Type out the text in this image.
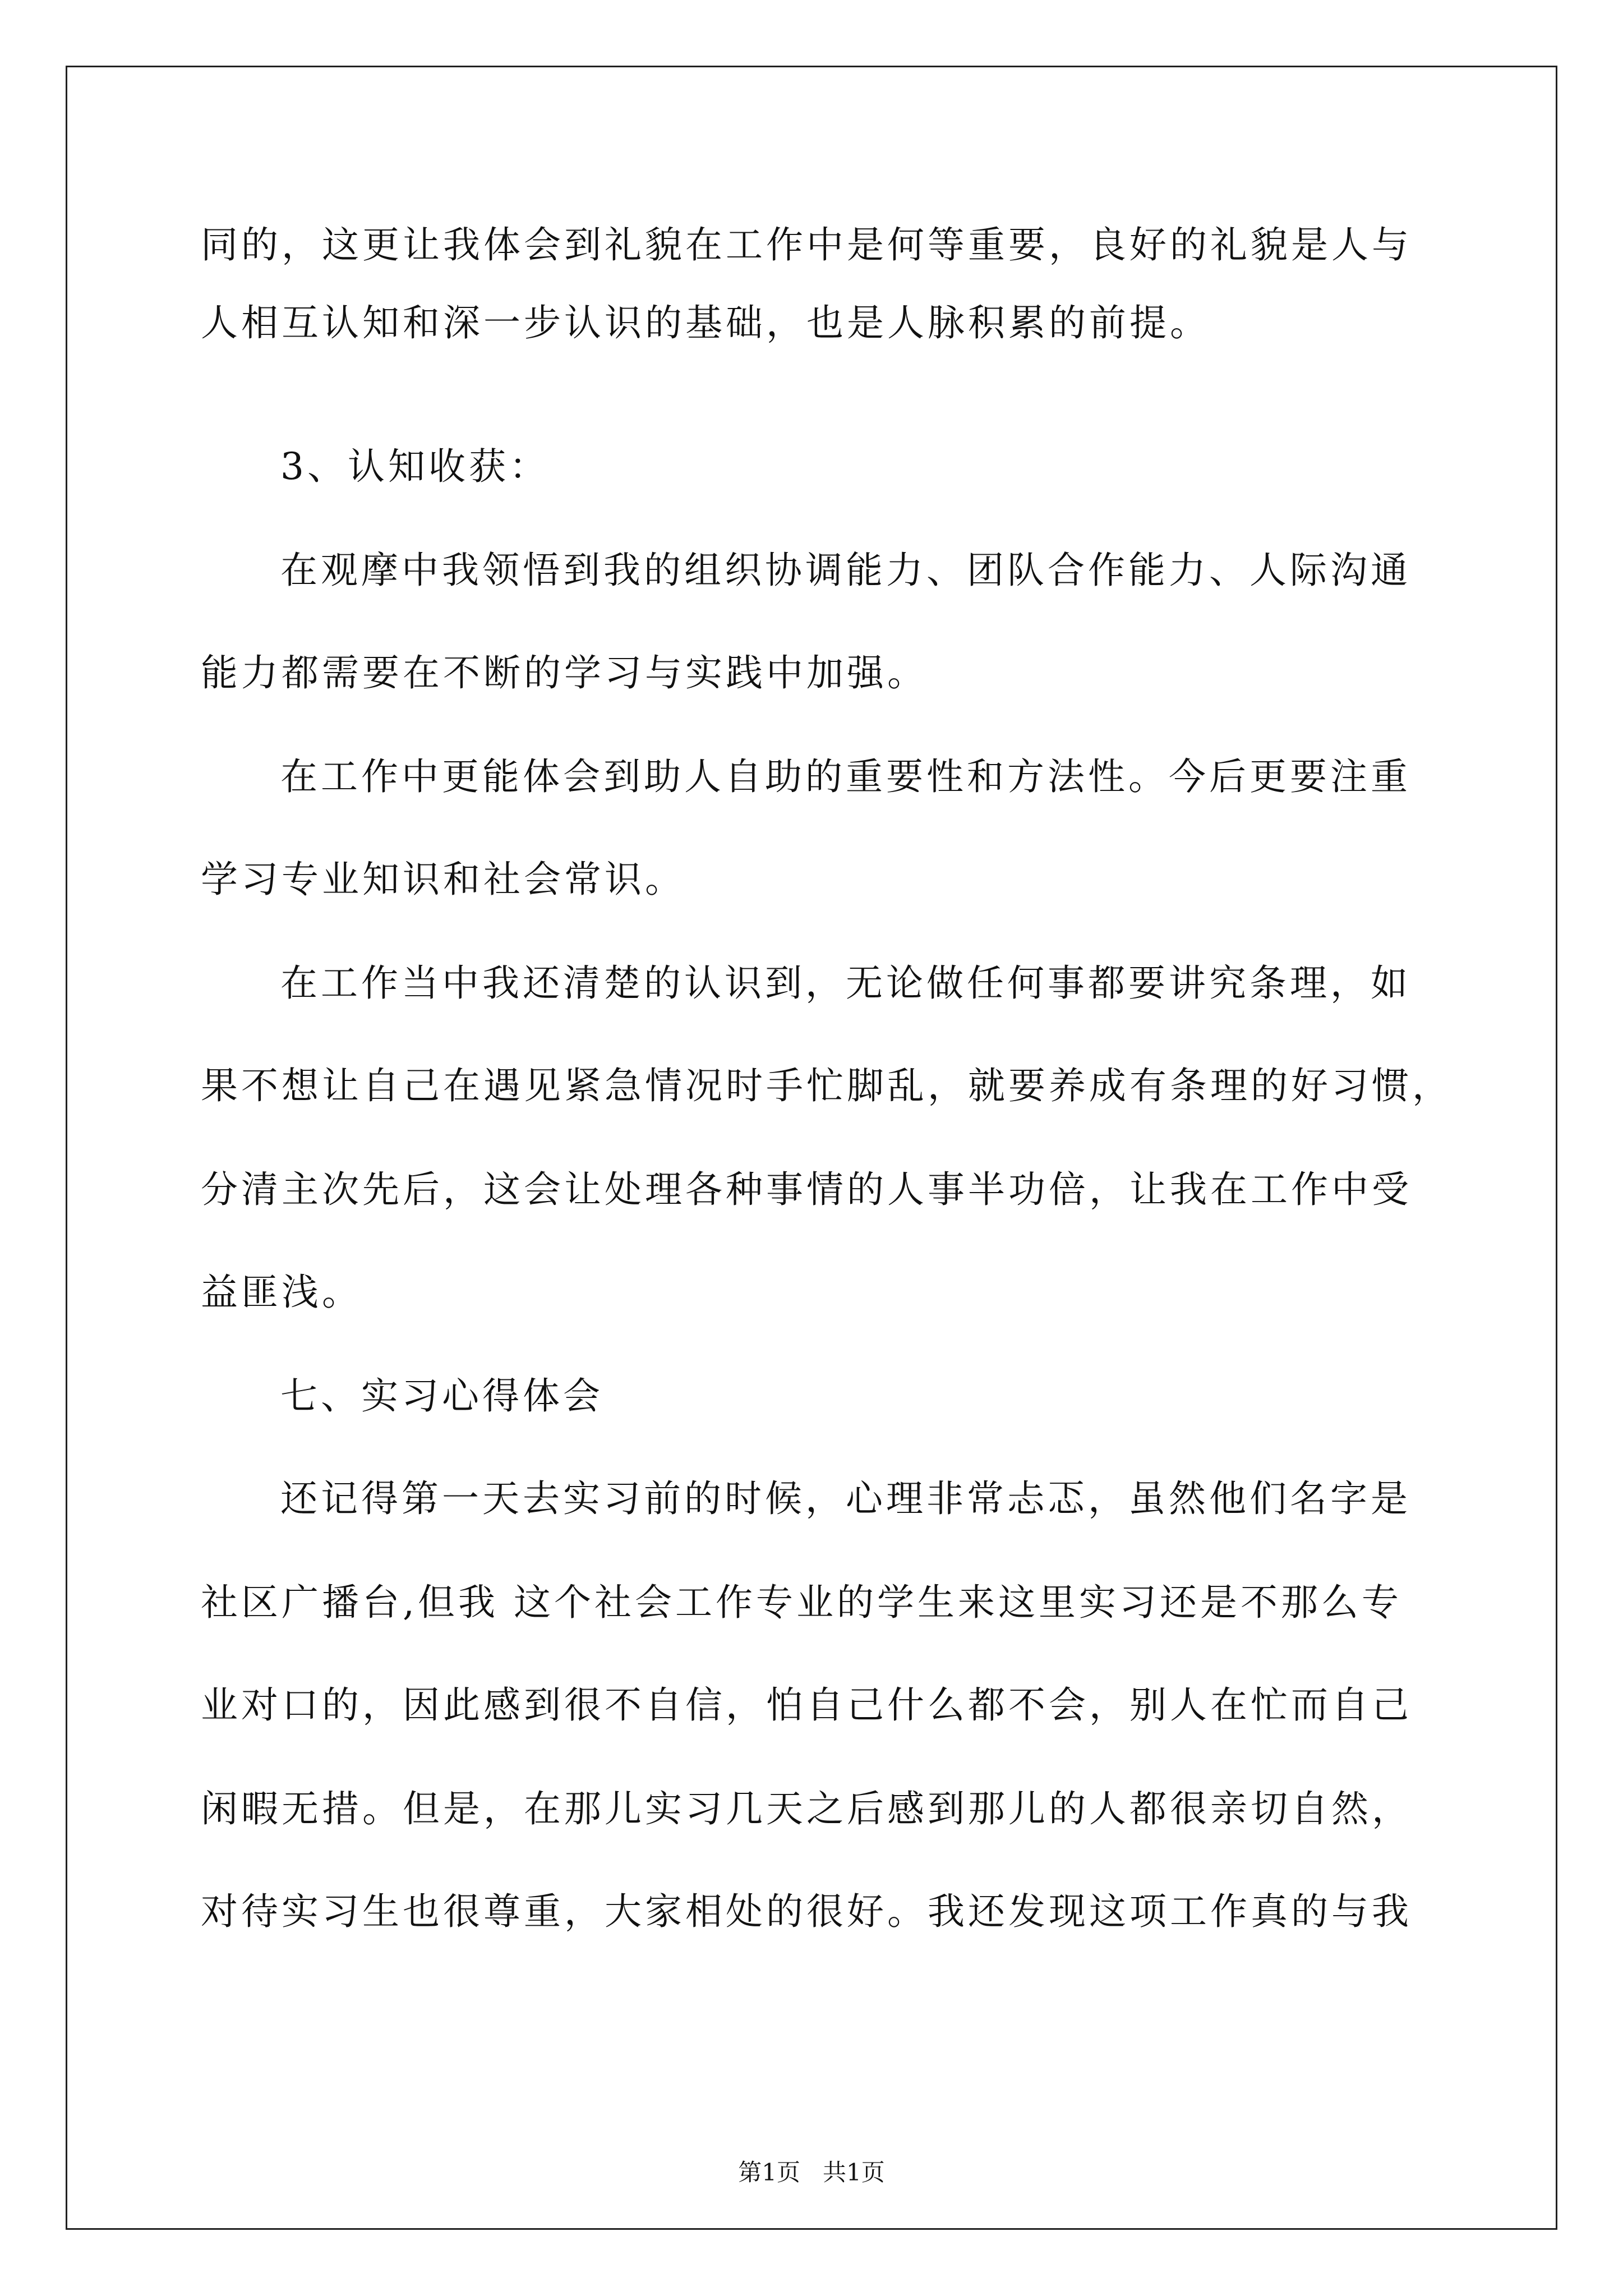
同的，这更让我体会到礼貌在工作中是何等重要，良好的礼貌是人与
人相互认知和深一步认识的基础，也是人脉积累的前提。
3、认知收获：
在观摩中我领悟到我的组织协调能力、团队合作能力、人际沟通
能力都需要在不断的学习与实践中加强。
在工作中更能体会到助人自助的重要性和方法性。今后更要注重
学习专业知识和社会常识。
在工作当中我还清楚的认识到，无论做任何事都要讲究条理，如
果不想让自己在遇见紧急情况时手忙脚乱，就要养成有条理的好习惯，
分清主次先后，这会让处理各种事情的人事半功倍，让我在工作中受
益匪浅。
七、实习心得体会
还记得第一天去实习前的时候，心理非常忐忑，虽然他们名字是
社区广播台,但我 这个社会工作专业的学生来这里实习还是不那么专
业对口的，因此感到很不自信，怕自己什么都不会，别人在忙而自己
闲暇无措。但是，在那儿实习几天之后感到那儿的人都很亲切自然，
对待实习生也很尊重，大家相处的很好。我还发现这项工作真的与我
第1页   共1页
